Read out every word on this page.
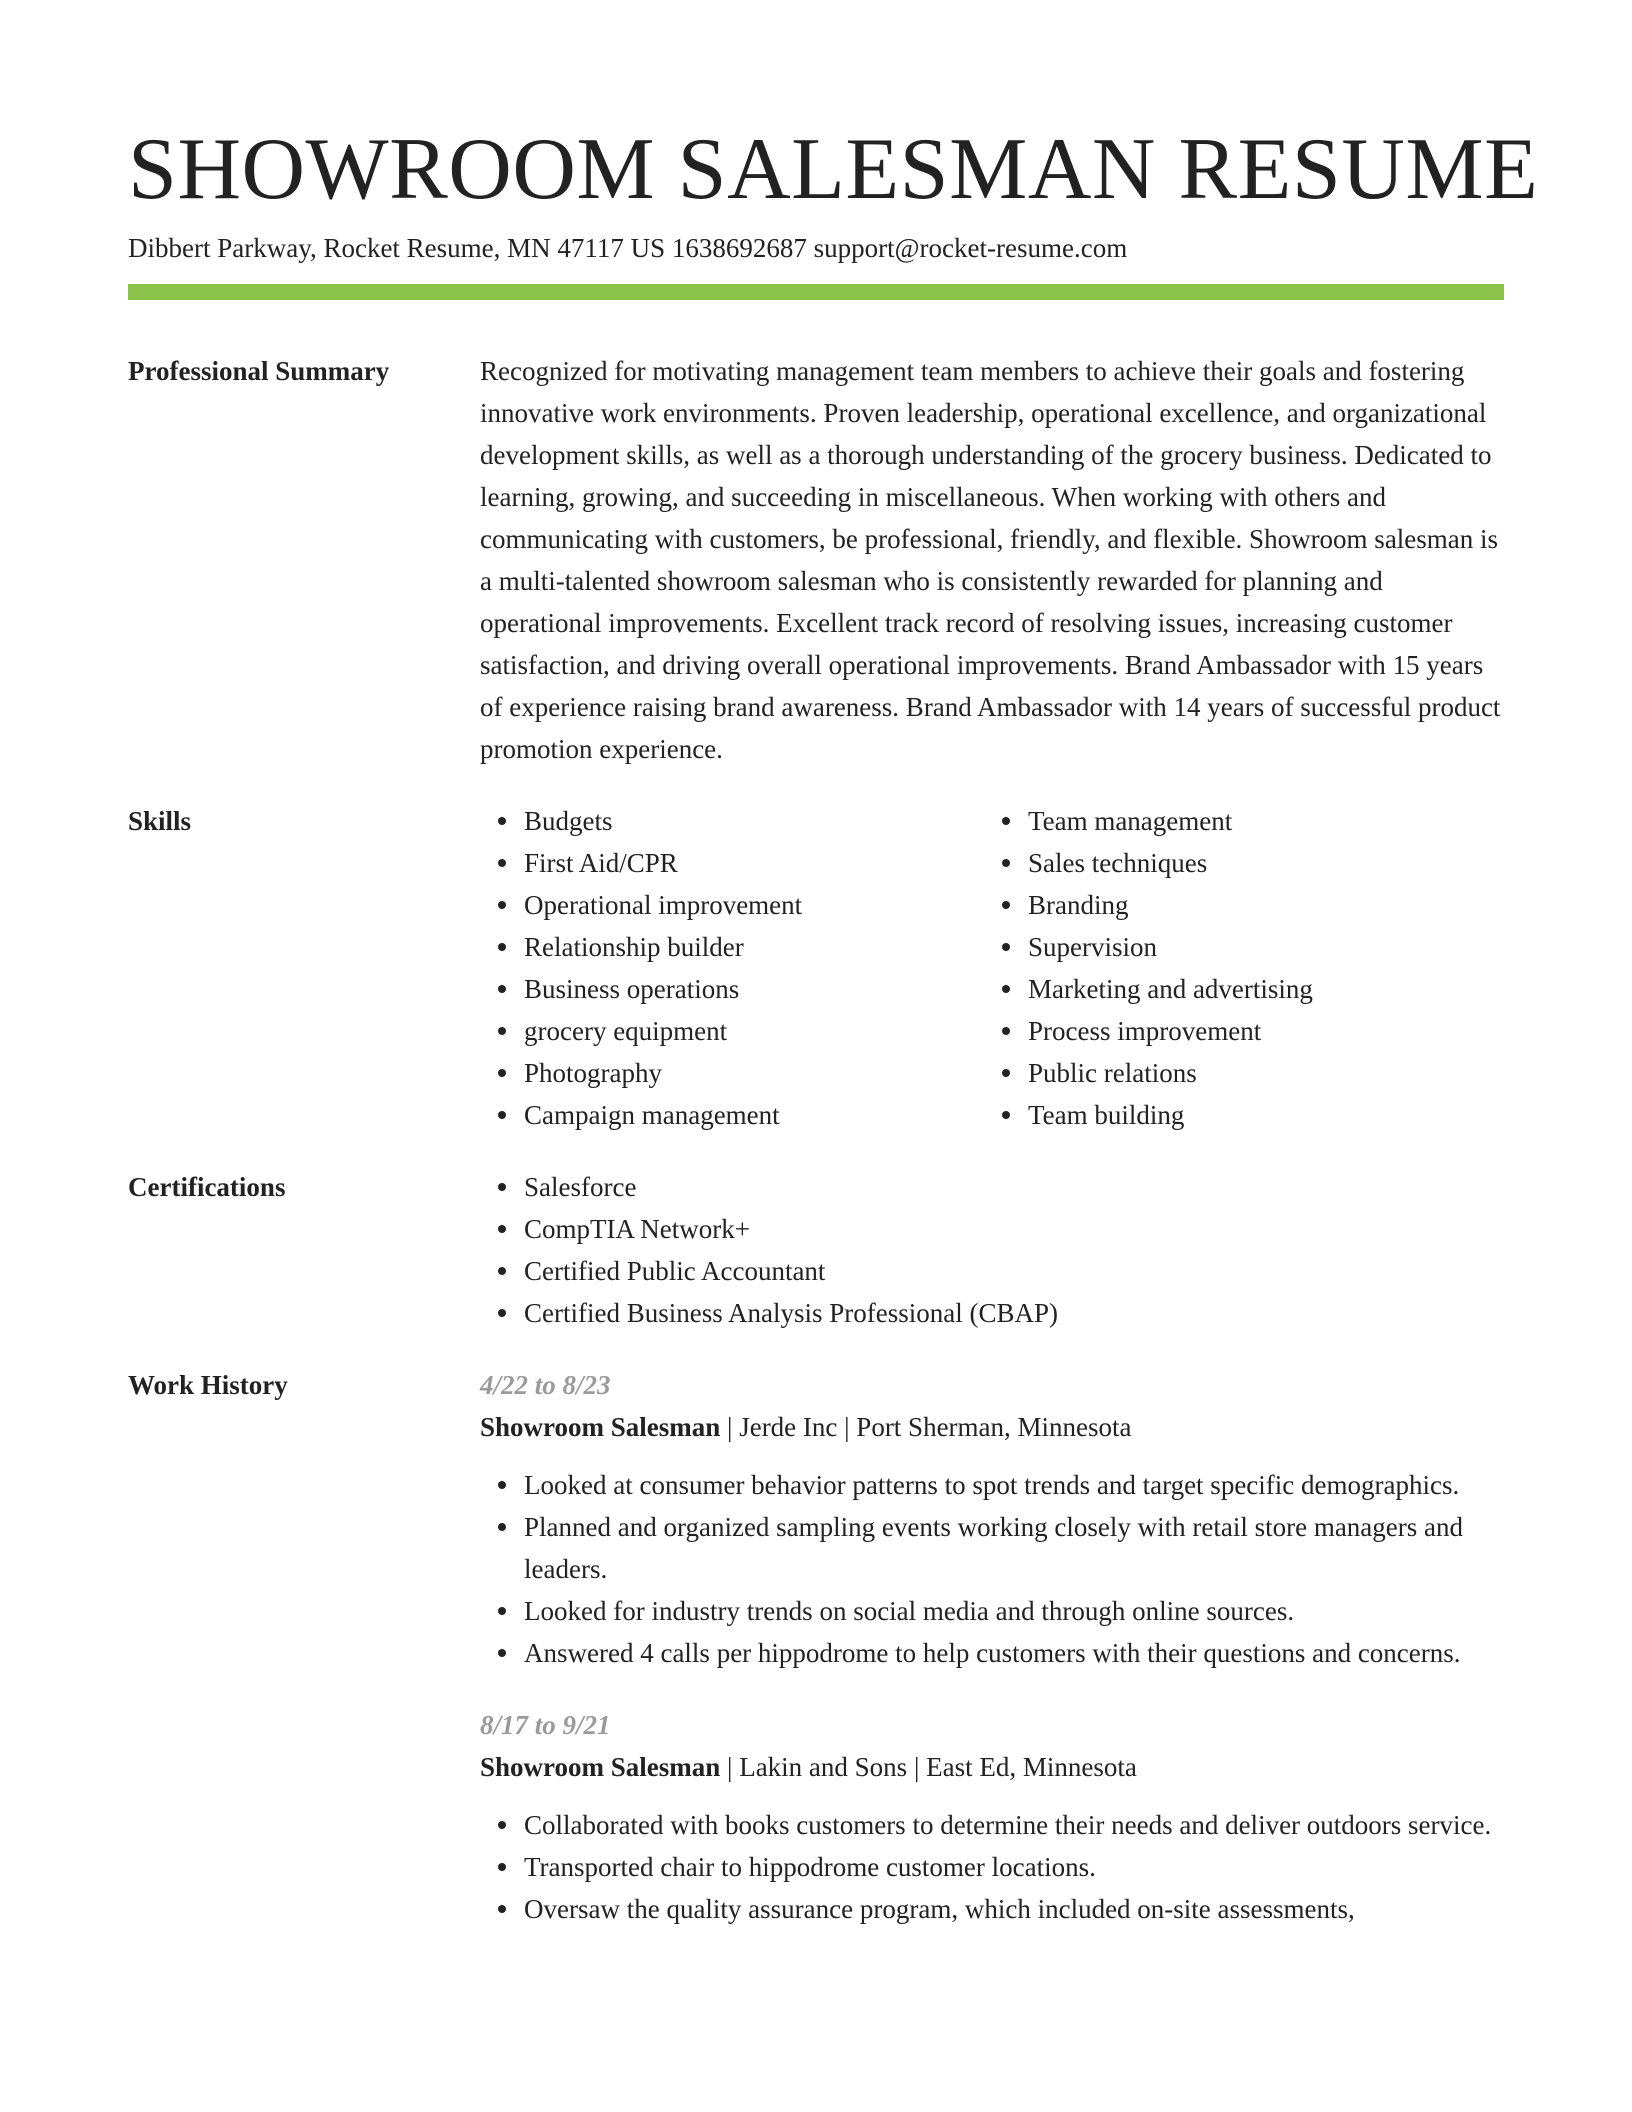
SHOWROOM SALESMAN RESUME
Dibbert Parkway, Rocket Resume, MN 47117 US 1638692687 support@rocket-resume.com
Professional Summary	Recognized for motivating management team members to achieve their goals and fostering innovative work environments. Proven leadership, operational excellence, and organizational development skills, as well as a thorough understanding of the grocery business. Dedicated to learning, growing, and succeeding in miscellaneous. When working with others and communicating with customers, be professional, friendly, and flexible. Showroom salesman is a multi-talented showroom salesman who is consistently rewarded for planning and operational improvements. Excellent track record of resolving issues, increasing customer satisfaction, and driving overall operational improvements. Brand Ambassador with 15 years of experience raising brand awareness. Brand Ambassador with 14 years of successful product promotion experience.
Skills	Budgets
First Aid/CPR
Operational improvement
Relationship builder
Business operations
grocery equipment
Photography
Campaign management
Team management
Sales techniques
Branding
Supervision
Marketing and advertising
Process improvement
Public relations
Team building
Certifications	Salesforce
CompTIA Network+
Certified Public Accountant
Certified Business Analysis Professional (CBAP)
Work History	4/22 to 8/23
Showroom Salesman | Jerde Inc | Port Sherman, Minnesota
Looked at consumer behavior patterns to spot trends and target specific demographics.
Planned and organized sampling events working closely with retail store managers and leaders.
Looked for industry trends on social media and through online sources.
Answered 4 calls per hippodrome to help customers with their questions and concerns.
8/17 to 9/21
Showroom Salesman | Lakin and Sons | East Ed, Minnesota
Collaborated with books customers to determine their needs and deliver outdoors service.
Transported chair to hippodrome customer locations.
Oversaw the quality assurance program, which included on-site assessments,
